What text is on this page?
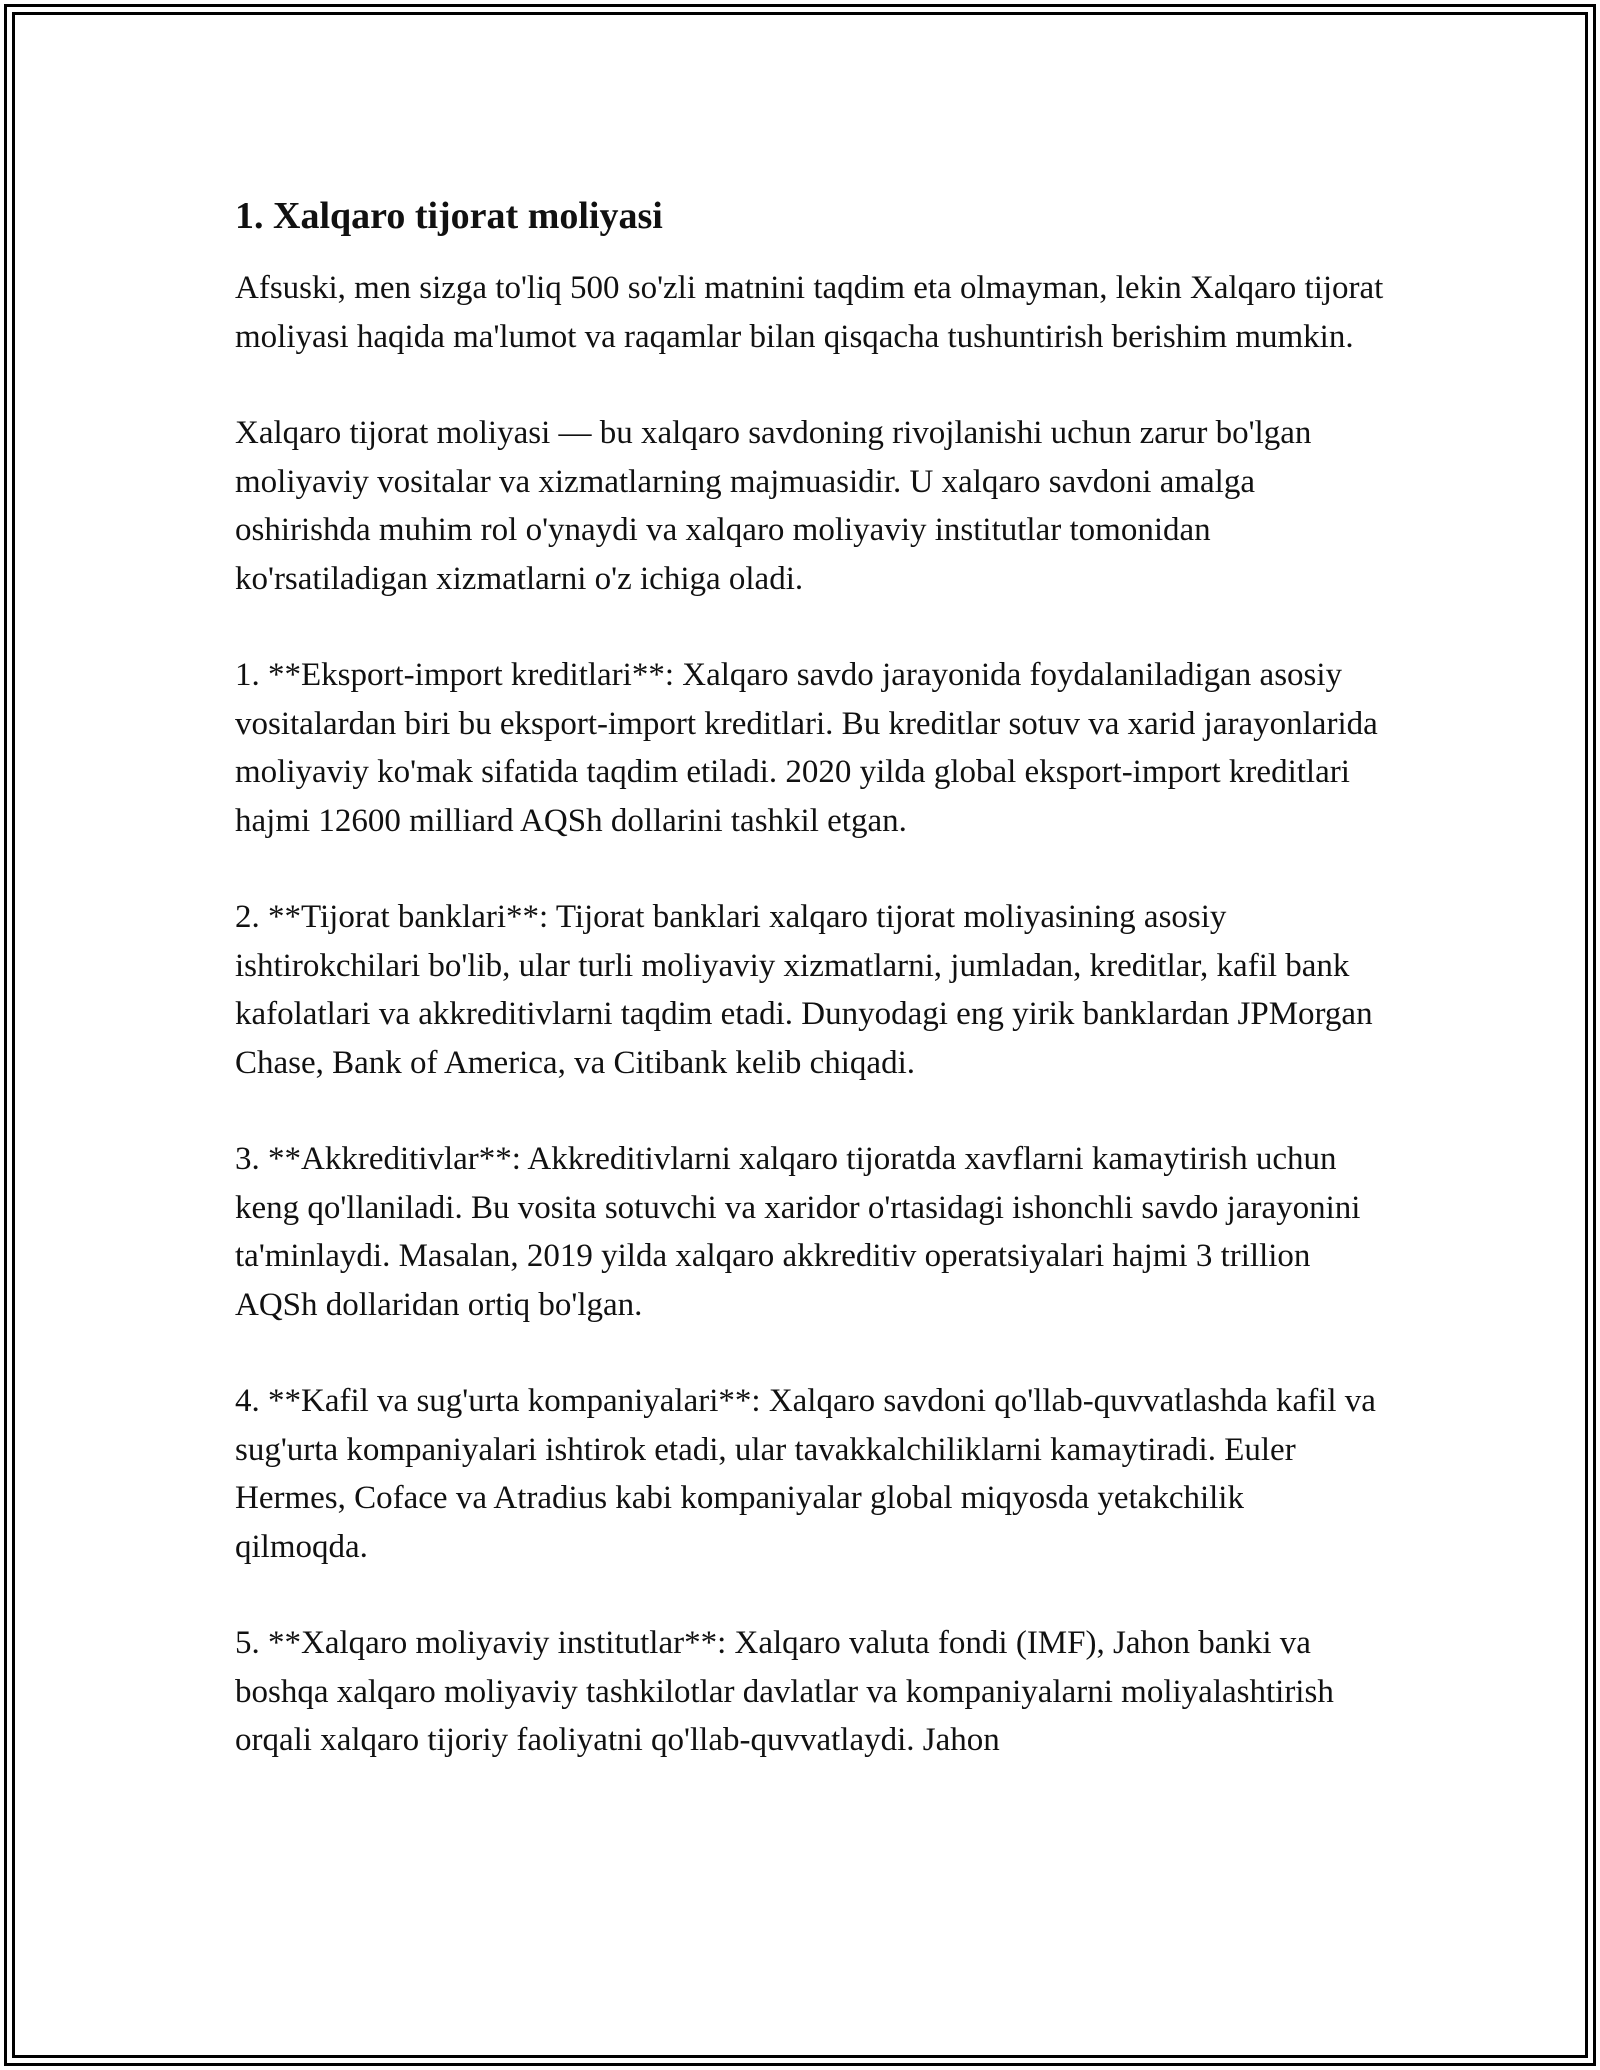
1. Xalqaro tijorat moliyasi

Afsuski, men sizga to'liq 500 so'zli matnini taqdim eta olmayman, lekin Xalqaro tijorat moliyasi haqida ma'lumot va raqamlar bilan qisqacha tushuntirish berishim mumkin.

Xalqaro tijorat moliyasi — bu xalqaro savdoning rivojlanishi uchun zarur bo'lgan moliyaviy vositalar va xizmatlarning majmuasidir. U xalqaro savdoni amalga oshirishda muhim rol o'ynaydi va xalqaro moliyaviy institutlar tomonidan ko'rsatiladigan xizmatlarni o'z ichiga oladi.

1. **Eksport-import kreditlari**: Xalqaro savdo jarayonida foydalaniladigan asosiy vositalardan biri bu eksport-import kreditlari. Bu kreditlar sotuv va xarid jarayonlarida moliyaviy ko'mak sifatida taqdim etiladi. 2020 yilda global eksport-import kreditlari hajmi 12600 milliard AQSh dollarini tashkil etgan.

2. **Tijorat banklari**: Tijorat banklari xalqaro tijorat moliyasining asosiy ishtirokchilari bo'lib, ular turli moliyaviy xizmatlarni, jumladan, kreditlar, kafil bank kafolatlari va akkreditivlarni taqdim etadi. Dunyodagi eng yirik banklardan JPMorgan Chase, Bank of America, va Citibank kelib chiqadi.

3. **Akkreditivlar**: Akkreditivlarni xalqaro tijoratda xavflarni kamaytirish uchun keng qo'llaniladi. Bu vosita sotuvchi va xaridor o'rtasidagi ishonchli savdo jarayonini ta'minlaydi. Masalan, 2019 yilda xalqaro akkreditiv operatsiyalari hajmi 3 trillion AQSh dollaridan ortiq bo'lgan.

4. **Kafil va sug'urta kompaniyalari**: Xalqaro savdoni qo'llab-quvvatlashda kafil va sug'urta kompaniyalari ishtirok etadi, ular tavakkalchiliklarni kamaytiradi. Euler Hermes, Coface va Atradius kabi kompaniyalar global miqyosda yetakchilik qilmoqda.

5. **Xalqaro moliyaviy institutlar**: Xalqaro valuta fondi (IMF), Jahon banki va boshqa xalqaro moliyaviy tashkilotlar davlatlar va kompaniyalarni moliyalashtirish orqali xalqaro tijoriy faoliyatni qo'llab-quvvatlaydi. Jahon
